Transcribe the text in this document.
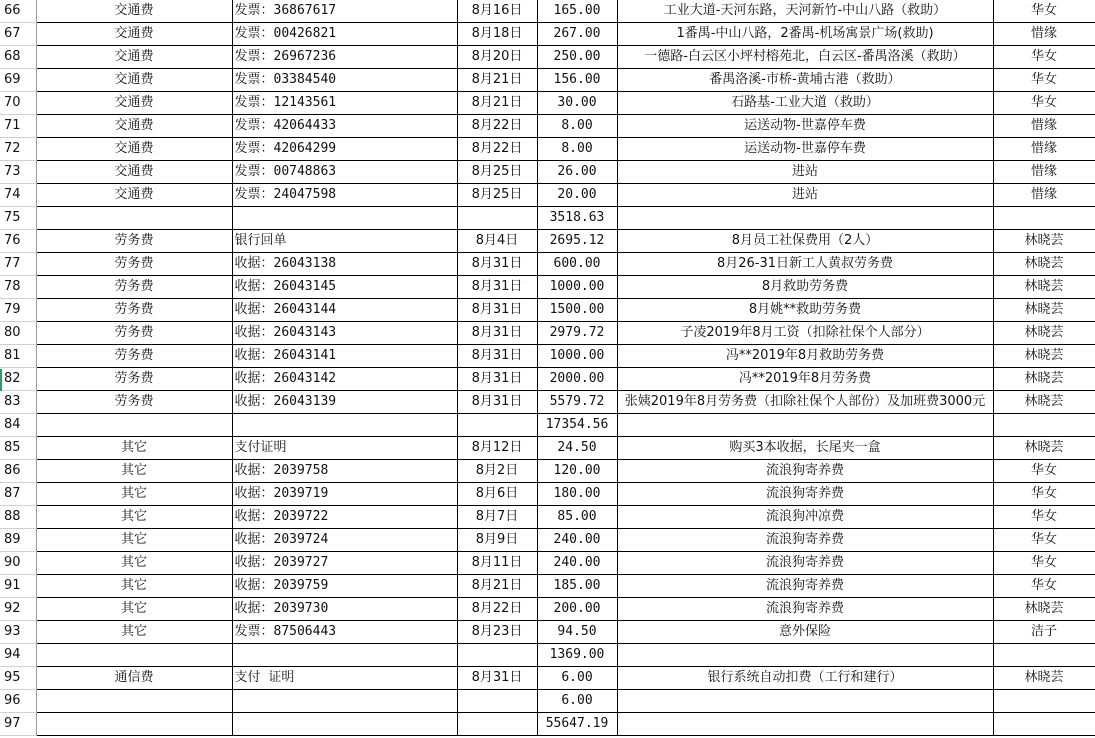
66	交通费	发票：36867617	8月16日	165.00	工业大道-天河东路，天河新竹-中山八路（救助）	华女
67	交通费	发票：00426821	8月18日	267.00	1番禺-中山八路，2番禺-机场寓景广场(救助)	惜缘
68	交通费	发票：26967236	8月20日	250.00	一德路-白云区小坪村榕苑北，白云区-番禺洛溪（救助）	华女
69	交通费	发票：03384540	8月21日	156.00	番禺洛溪-市桥-黄埔古港（救助）	华女
70	交通费	发票：12143561	8月21日	30.00	石路基-工业大道（救助）	华女
71	交通费	发票：42064433	8月22日	8.00	运送动物-世嘉停车费	惜缘
72	交通费	发票：42064299	8月22日	8.00	运送动物-世嘉停车费	惜缘
73	交通费	发票：00748863	8月25日	26.00	进站	惜缘
74	交通费	发票：24047598	8月25日	20.00	进站	惜缘
75				3518.63		
76	劳务费	银行回单	8月4日	2695.12	8月员工社保费用（2人）	林晓芸
77	劳务费	收据：26043138	8月31日	600.00	8月26-31日新工人黄叔劳务费	林晓芸
78	劳务费	收据：26043145	8月31日	1000.00	8月救助劳务费	林晓芸
79	劳务费	收据：26043144	8月31日	1500.00	8月姚**救助劳务费	林晓芸
80	劳务费	收据：26043143	8月31日	2979.72	子凌2019年8月工资（扣除社保个人部分）	林晓芸
81	劳务费	收据：26043141	8月31日	1000.00	冯**2019年8月救助劳务费	林晓芸
82	劳务费	收据：26043142	8月31日	2000.00	冯**2019年8月劳务费	林晓芸
83	劳务费	收据：26043139	8月31日	5579.72	张姨2019年8月劳务费（扣除社保个人部份）及加班费3000元	林晓芸
84				17354.56		
85	其它	支付证明	8月12日	24.50	购买3本收据，长尾夹一盒	林晓芸
86	其它	收据：2039758	8月2日	120.00	流浪狗寄养费	华女
87	其它	收据：2039719	8月6日	180.00	流浪狗寄养费	华女
88	其它	收据：2039722	8月7日	85.00	流浪狗冲凉费	华女
89	其它	收据：2039724	8月9日	240.00	流浪狗寄养费	华女
90	其它	收据：2039727	8月11日	240.00	流浪狗寄养费	华女
91	其它	收据：2039759	8月21日	185.00	流浪狗寄养费	华女
92	其它	收据：2039730	8月22日	200.00	流浪狗寄养费	林晓芸
93	其它	发票：87506443	8月23日	94.50	意外保险	洁子
94				1369.00		
95	通信费	支付 证明	8月31日	6.00	银行系统自动扣费（工行和建行）	林晓芸
96				6.00		
97				55647.19		
